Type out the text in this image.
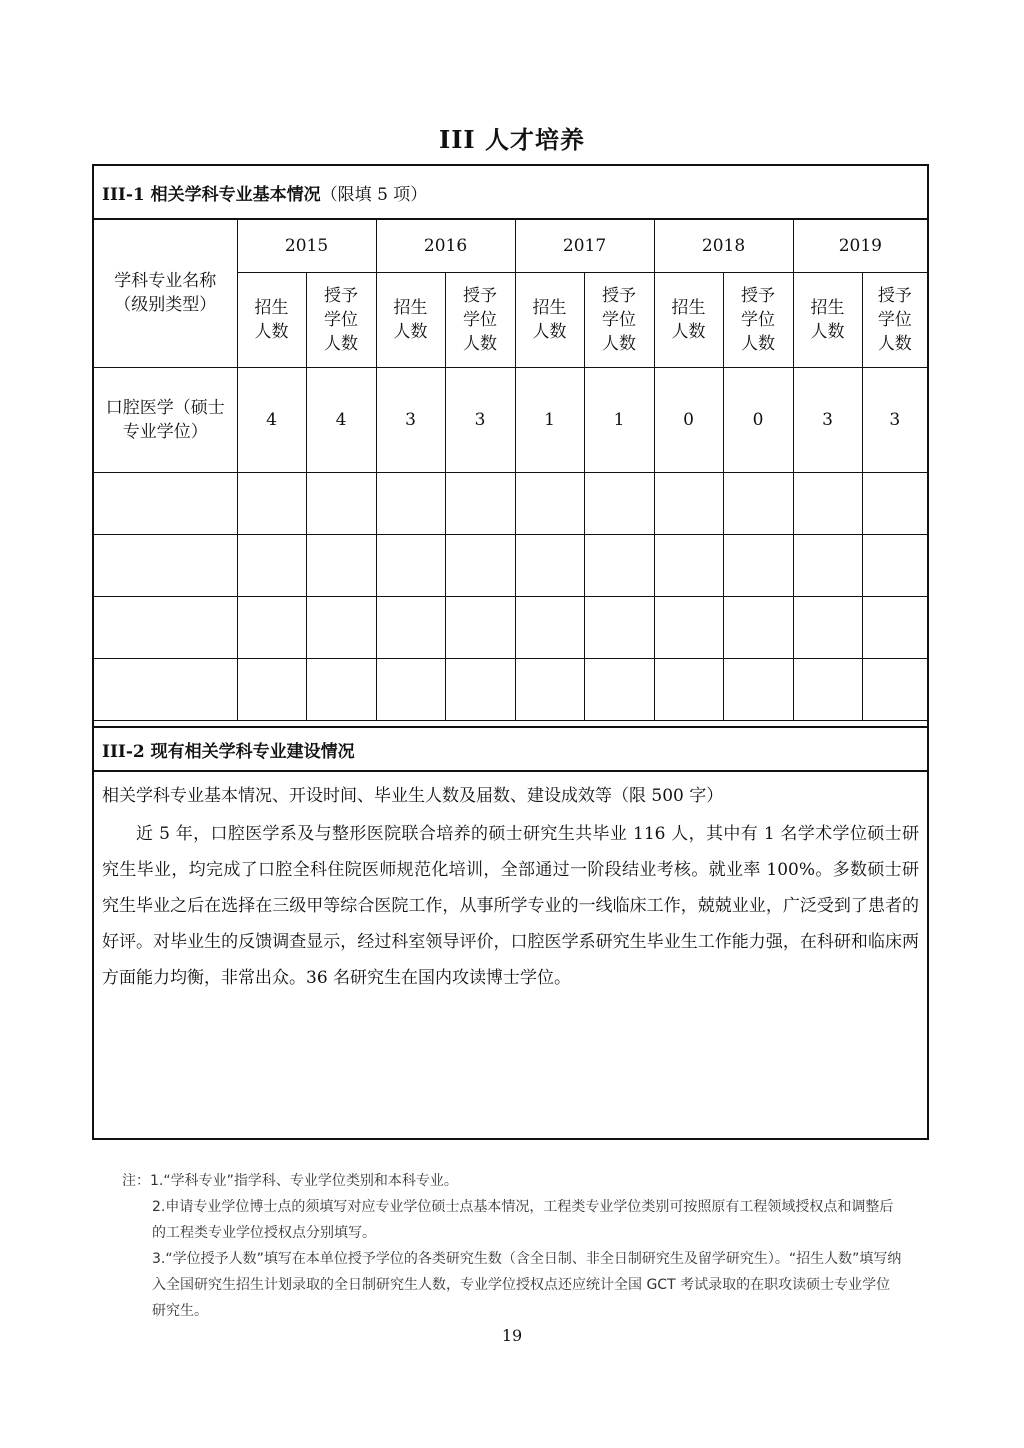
III 人才培养
III-1 相关学科专业基本情况 （限填 5 项）
学科专业名称（级别类型）	2015		2016		2017		2018		2019	

	招生人数	授予学位人数	招生人数	授予学位人数	招生人数	授予学位人数	招生人数	授予学位人数	招生人数	授予学位人数

口腔医学（硕士专业学位）	4	4	3	3	1	1	0	0	3	3

III-2 现有相关学科专业建设情况
相关学科专业基本情况、开设时间、毕业生人数及届数、建设成效等（限 500 字）
近 5 年，口腔医学系及与整形医院联合培养的硕士研究生共毕业 116 人，其中有 1 名学术学位硕士研究生毕业，均完成了口腔全科住院医师规范化培训，全部通过一阶段结业考核。就业率 100%。多数硕士研究生毕业之后在选择在三级甲等综合医院工作，从事所学专业的一线临床工作，兢兢业业，广泛受到了患者的好评。对毕业生的反馈调查显示，经过科室领导评价，口腔医学系研究生毕业生工作能力强，在科研和临床两方面能力均衡，非常出众。36 名研究生在国内攻读博士学位。
注： 1.“学科专业”指学科、专业学位类别和本科专业。
2.申请专业学位博士点的须填写对应专业学位硕士点基本情况，工程类专业学位类别可按照原有工程领域授权点和调整后的工程类专业学位授权点分别填写。
3.“学位授予人数”填写在本单位授予学位的各类研究生数（含全日制、非全日制研究生及留学研究生）。“招生人数”填写纳入全国研究生招生计划录取的全日制研究生人数，专业学位授权点还应统计全国 GCT 考试录取的在职攻读硕士专业学位研究生。
19
